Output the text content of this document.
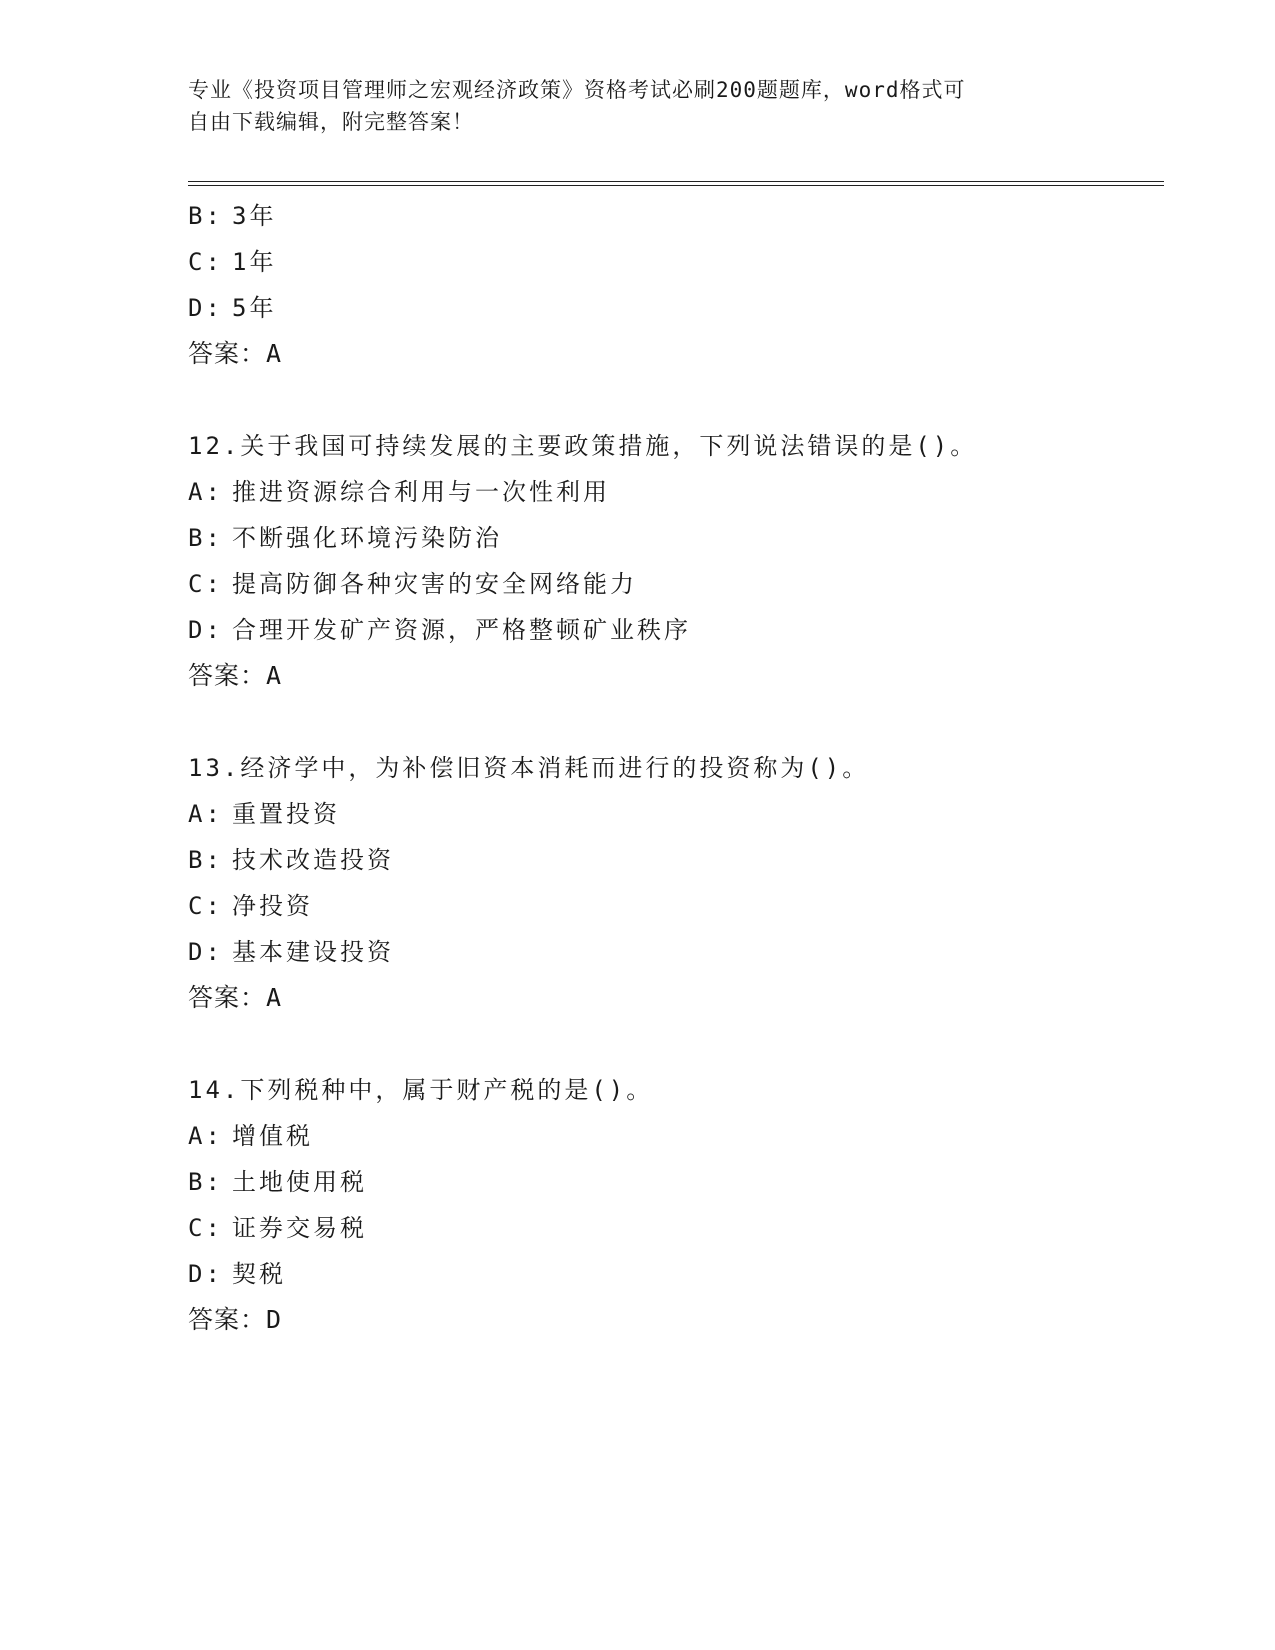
专业《投资项目管理师之宏观经济政策》资格考试必刷200题题库，word格式可
自由下载编辑，附完整答案！
B: 3年
C: 1年
D: 5年
答案：A
12.关于我国可持续发展的主要政策措施，下列说法错误的是()。
A: 推进资源综合利用与一次性利用
B: 不断强化环境污染防治
C: 提高防御各种灾害的安全网络能力
D: 合理开发矿产资源，严格整顿矿业秩序
答案：A
13.经济学中，为补偿旧资本消耗而进行的投资称为()。
A: 重置投资
B: 技术改造投资
C: 净投资
D: 基本建设投资
答案：A
14.下列税种中，属于财产税的是()。
A: 增值税
B: 土地使用税
C: 证券交易税
D: 契税
答案：D
